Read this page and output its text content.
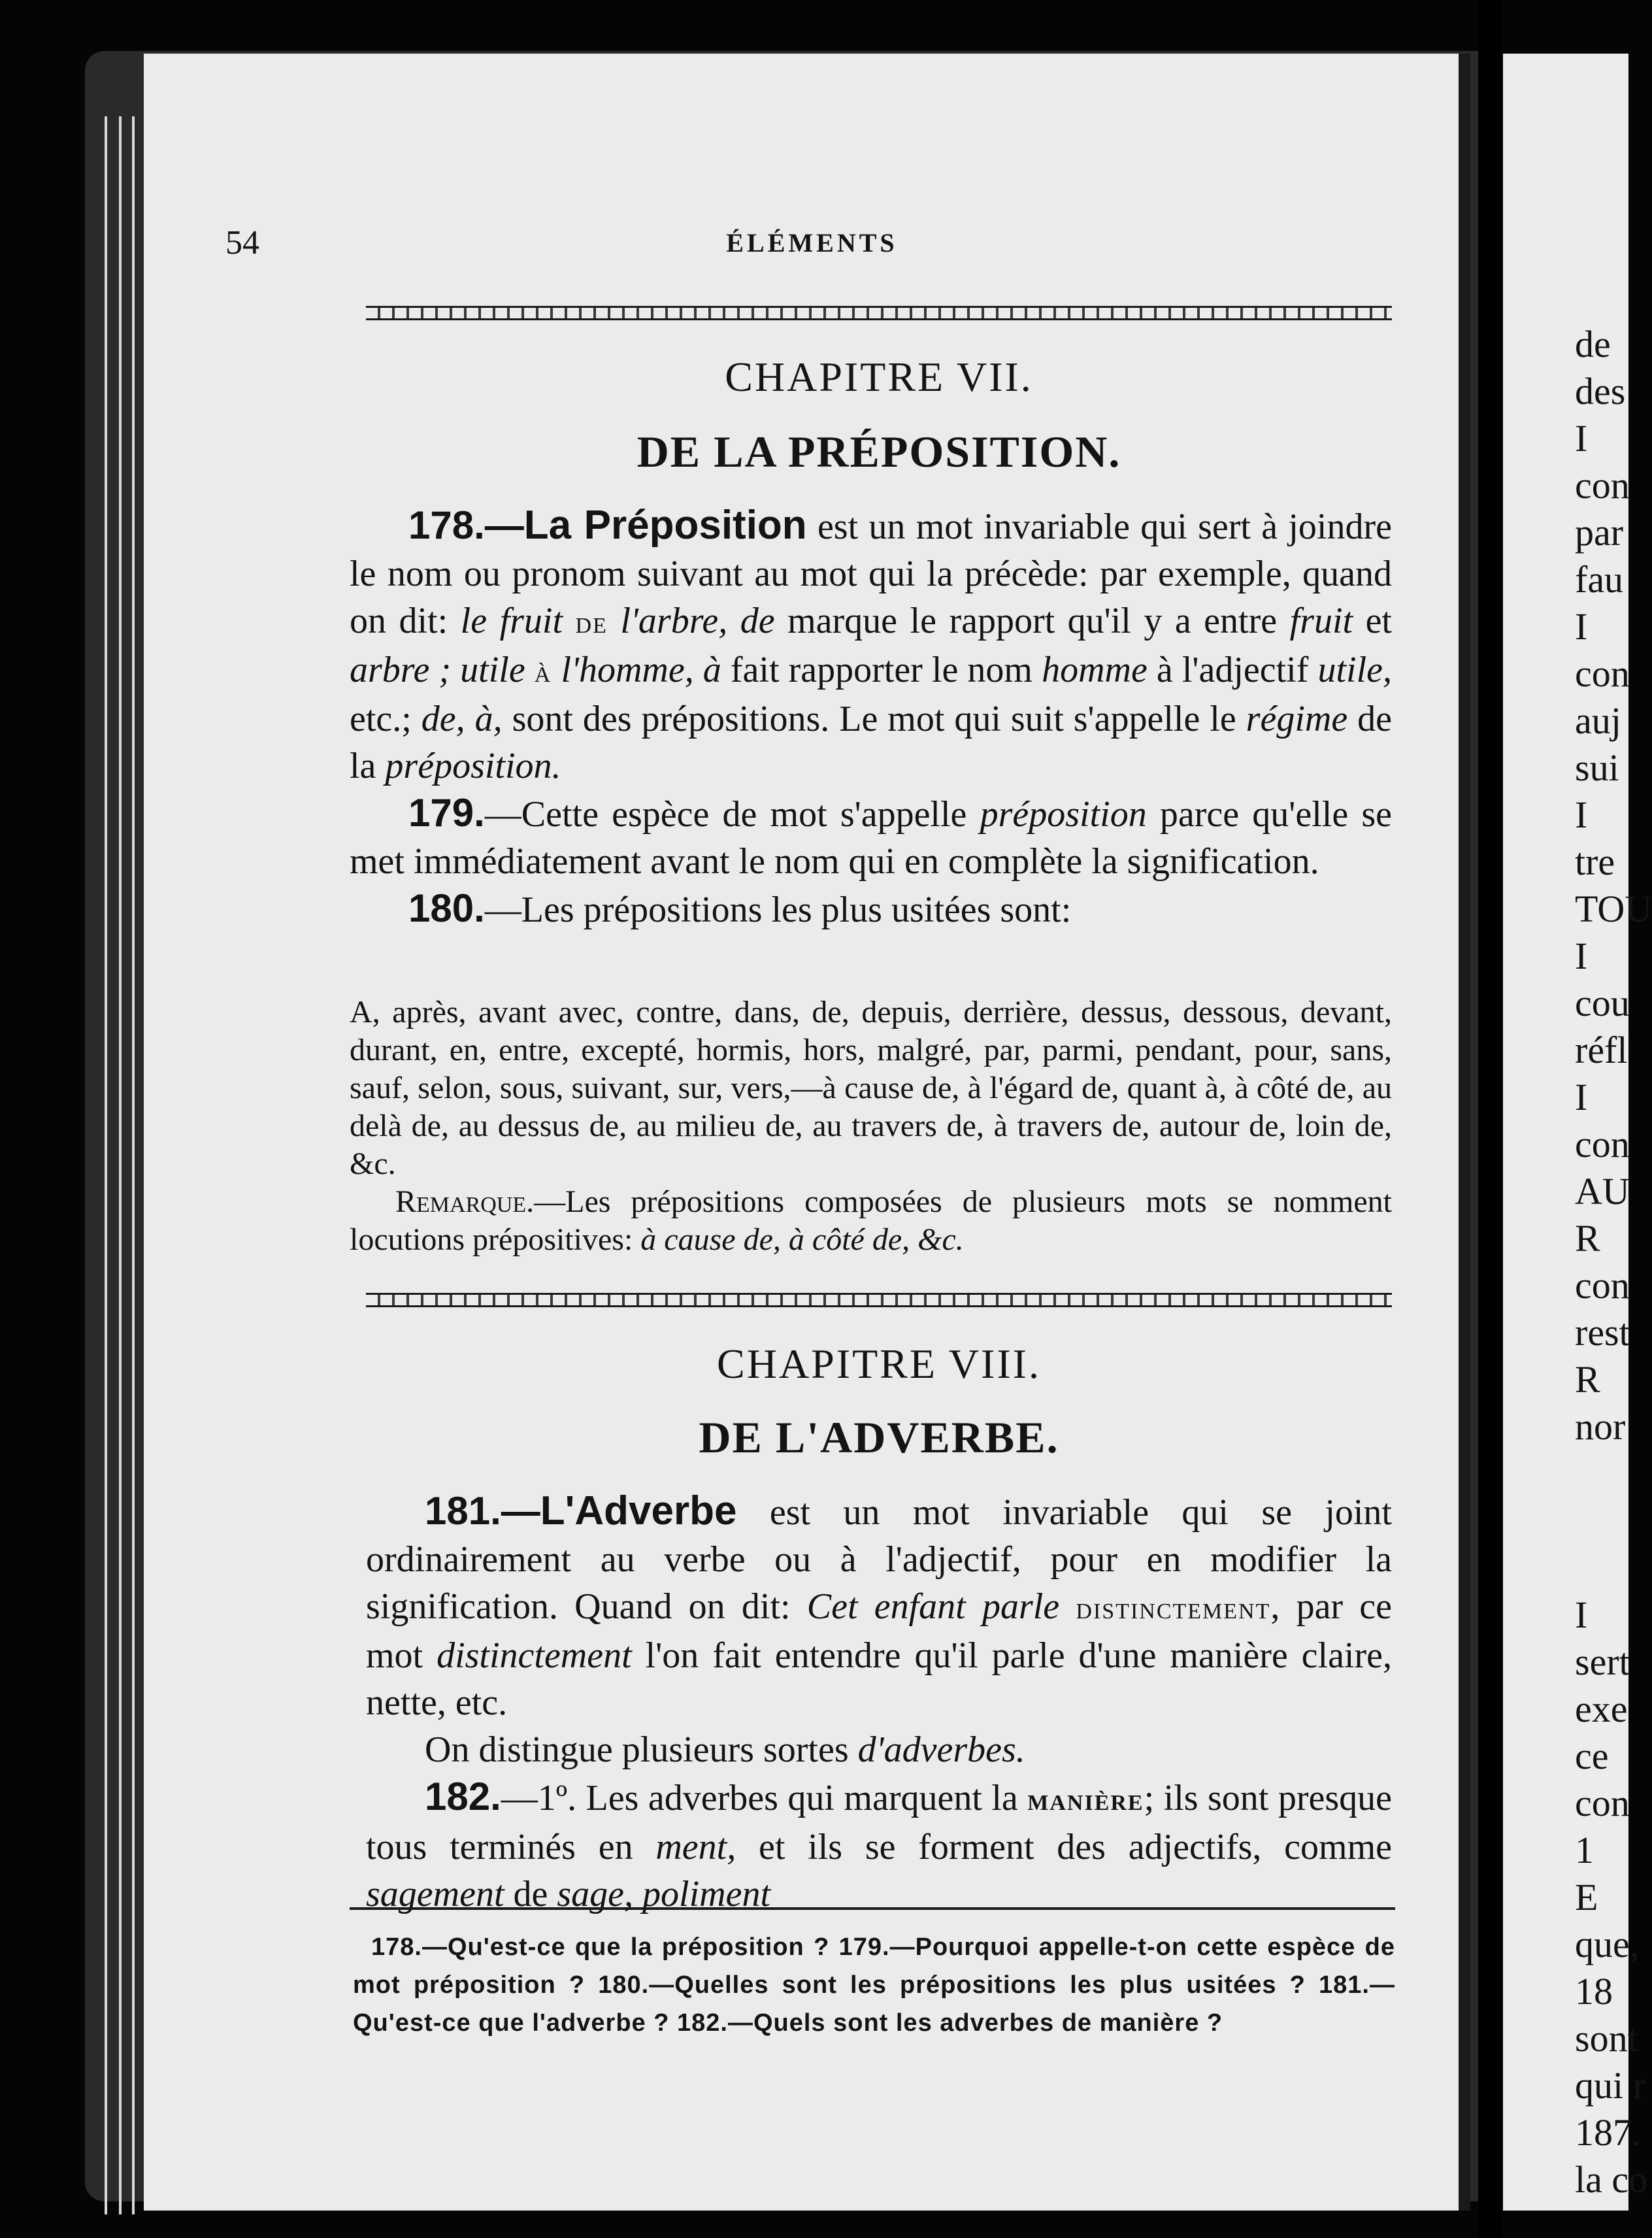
de
des
I
con
par
fau
I
con
auj
sui
I
tre
TOU
I
cou
réfl
I
con
AU
R
con
rest
R
nor
I
sert
exe
ce
con
1
E
que,
18
sont
qui r
187.
la co
54	ÉLÉMENTS
CHAPITRE VII.
DE LA PRÉPOSITION.

178.—La Préposition est un mot invariable qui sert à joindre le nom ou pronom suivant au mot qui la précède: par exemple, quand on dit: le fruit de l'arbre, de marque le rapport qu'il y a entre fruit et arbre ; utile à l'homme, à fait rapporter le nom homme à l'adjectif utile, etc.; de, à, sont des prépositions. Le mot qui suit s'appelle le régime de la préposition.

179.—Cette espèce de mot s'appelle préposition parce qu'elle se met immédiatement avant le nom qui en complète la signification.

180.—Les prépositions les plus usitées sont:

A, après, avant avec, contre, dans, de, depuis, derrière, dessus, dessous, devant, durant, en, entre, excepté, hormis, hors, malgré, par, parmi, pendant, pour, sans, sauf, selon, sous, suivant, sur, vers,—à cause de, à l'égard de, quant à, à côté de, au delà de, au dessus de, au milieu de, au travers de, à travers de, autour de, loin de, &c.

Remarque.—Les prépositions composées de plusieurs mots se nomment locutions prépositives: à cause de, à côté de, &c.

CHAPITRE VIII.
DE L'ADVERBE.

181.—L'Adverbe est un mot invariable qui se joint ordinairement au verbe ou à l'adjectif, pour en modifier la signification. Quand on dit: Cet enfant parle distinctement, par ce mot distinctement l'on fait entendre qu'il parle d'une manière claire, nette, etc.

On distingue plusieurs sortes d'adverbes.

182.—1º. Les adverbes qui marquent la manière; ils sont presque tous terminés en ment, et ils se forment des adjectifs, comme sagement de sage, poliment

178.—Qu'est-ce que la préposition ? 179.—Pourquoi appelle-t-on cette espèce de mot préposition ? 180.—Quelles sont les prépositions les plus usitées ? 181.—Qu'est-ce que l'adverbe ? 182.—Quels sont les adverbes de manière ?
